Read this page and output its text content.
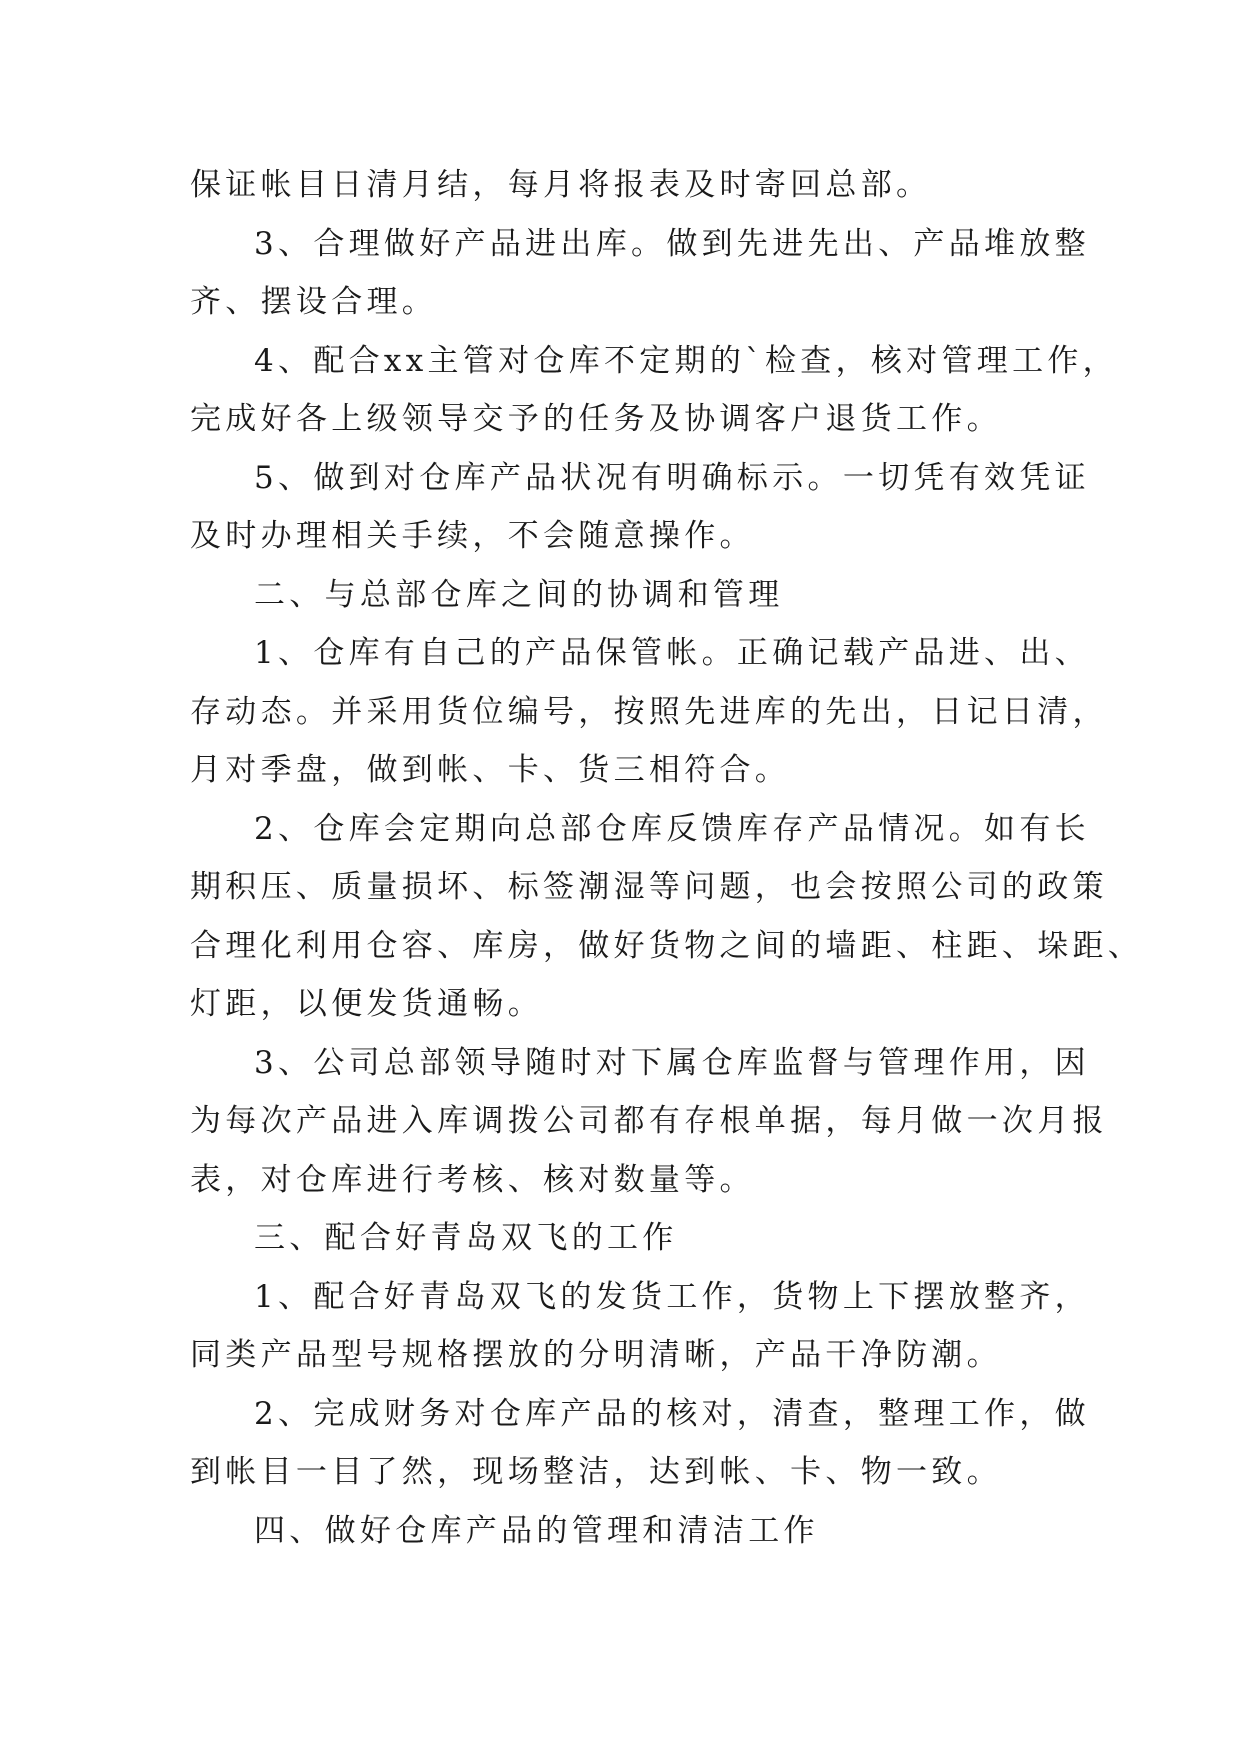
保证帐目日清月结，每月将报表及时寄回总部。
3、合理做好产品进出库。做到先进先出、产品堆放整
齐、摆设合理。
4、配合xx主管对仓库不定期的`检查，核对管理工作，
完成好各上级领导交予的任务及协调客户退货工作。
5、做到对仓库产品状况有明确标示。一切凭有效凭证
及时办理相关手续，不会随意操作。
二、与总部仓库之间的协调和管理
1、仓库有自己的产品保管帐。正确记载产品进、出、
存动态。并采用货位编号，按照先进库的先出，日记日清，
月对季盘，做到帐、卡、货三相符合。
2、仓库会定期向总部仓库反馈库存产品情况。如有长
期积压、质量损坏、标签潮湿等问题，也会按照公司的政策
合理化利用仓容、库房，做好货物之间的墙距、柱距、垛距、
灯距，以便发货通畅。
3、公司总部领导随时对下属仓库监督与管理作用，因
为每次产品进入库调拨公司都有存根单据，每月做一次月报
表，对仓库进行考核、核对数量等。
三、配合好青岛双飞的工作
1、配合好青岛双飞的发货工作，货物上下摆放整齐，
同类产品型号规格摆放的分明清晰，产品干净防潮。
2、完成财务对仓库产品的核对，清查，整理工作，做
到帐目一目了然，现场整洁，达到帐、卡、物一致。
四、做好仓库产品的管理和清洁工作
